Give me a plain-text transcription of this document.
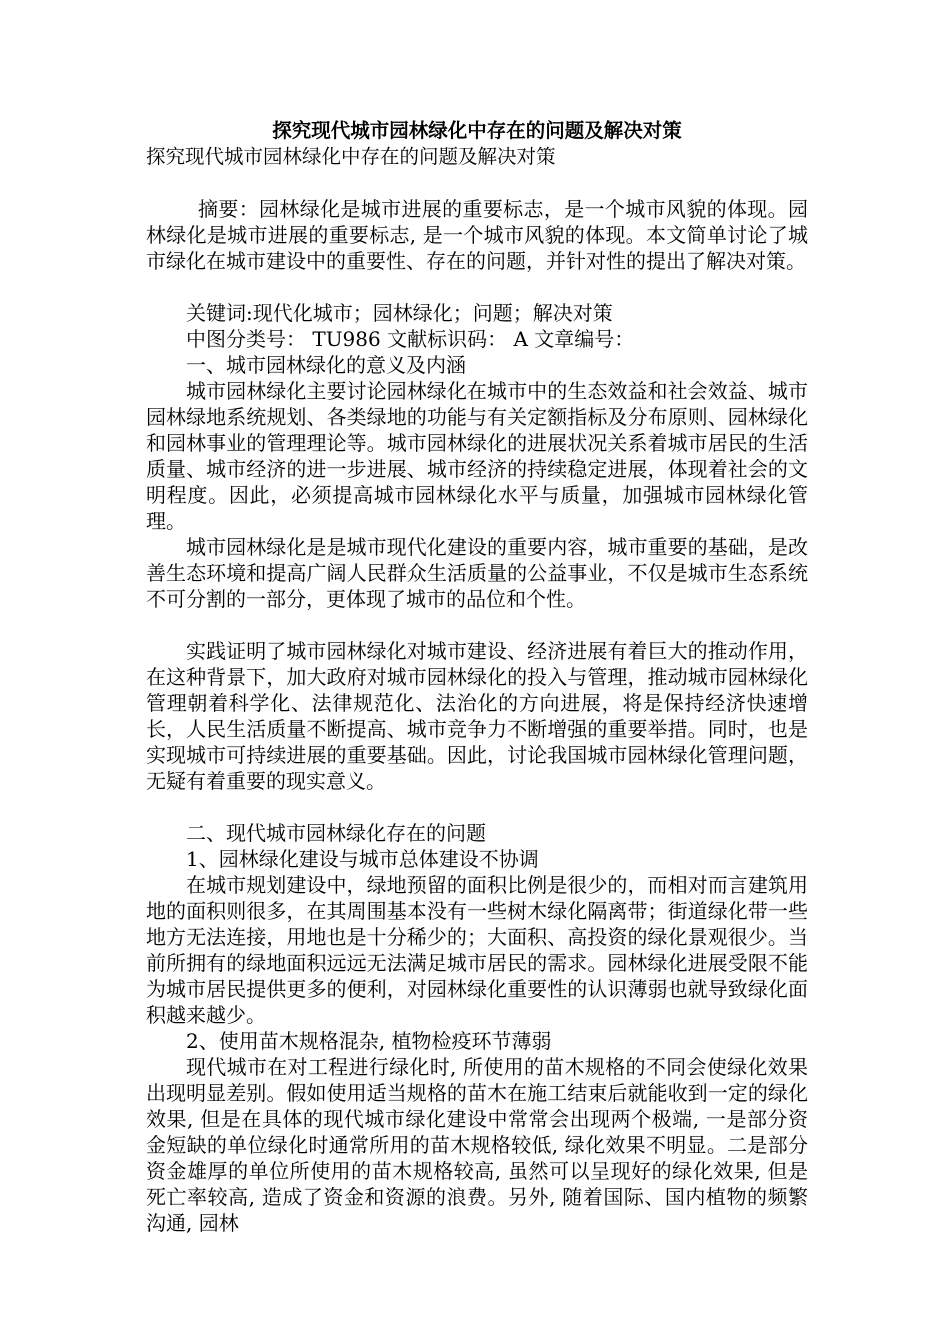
探究现代城市园林绿化中存在的问题及解决对策

探究现代城市园林绿化中存在的问题及解决对策

摘要：园林绿化是城市进展的重要标志，是一个城市风貌的体现。园林绿化是城市进展的重要标志, 是一个城市风貌的体现。本文简单讨论了城市绿化在城市建设中的重要性、存在的问题，并针对性的提出了解决对策。

关键词:现代化城市；园林绿化；问题；解决对策

中图分类号： TU986 文献标识码： A 文章编号：

一、城市园林绿化的意义及内涵

城市园林绿化主要讨论园林绿化在城市中的生态效益和社会效益、城市园林绿地系统规划、各类绿地的功能与有关定额指标及分布原则、园林绿化和园林事业的管理理论等。城市园林绿化的进展状况关系着城市居民的生活质量、城市经济的进一步进展、城市经济的持续稳定进展，体现着社会的文明程度。因此，必须提高城市园林绿化水平与质量，加强城市园林绿化管理。

城市园林绿化是是城市现代化建设的重要内容，城市重要的基础，是改善生态环境和提高广阔人民群众生活质量的公益事业，不仅是城市生态系统不可分割的一部分，更体现了城市的品位和个性。

实践证明了城市园林绿化对城市建设、经济进展有着巨大的推动作用，在这种背景下，加大政府对城市园林绿化的投入与管理，推动城市园林绿化管理朝着科学化、法律规范化、法治化的方向进展，将是保持经济快速增长，人民生活质量不断提高、城市竞争力不断增强的重要举措。同时，也是实现城市可持续进展的重要基础。因此，讨论我国城市园林绿化管理问题，无疑有着重要的现实意义。

二、现代城市园林绿化存在的问题

1、园林绿化建设与城市总体建设不协调

在城市规划建设中，绿地预留的面积比例是很少的，而相对而言建筑用地的面积则很多，在其周围基本没有一些树木绿化隔离带；街道绿化带一些地方无法连接，用地也是十分稀少的；大面积、高投资的绿化景观很少。当前所拥有的绿地面积远远无法满足城市居民的需求。园林绿化进展受限不能为城市居民提供更多的便利，对园林绿化重要性的认识薄弱也就导致绿化面积越来越少。

2、使用苗木规格混杂, 植物检疫环节薄弱

现代城市在对工程进行绿化时, 所使用的苗木规格的不同会使绿化效果出现明显差别。假如使用适当规格的苗木在施工结束后就能收到一定的绿化效果, 但是在具体的现代城市绿化建设中常常会出现两个极端, 一是部分资金短缺的单位绿化时通常所用的苗木规格较低, 绿化效果不明显。二是部分资金雄厚的单位所使用的苗木规格较高, 虽然可以呈现好的绿化效果, 但是死亡率较高, 造成了资金和资源的浪费。另外, 随着国际、国内植物的频繁沟通, 园林
